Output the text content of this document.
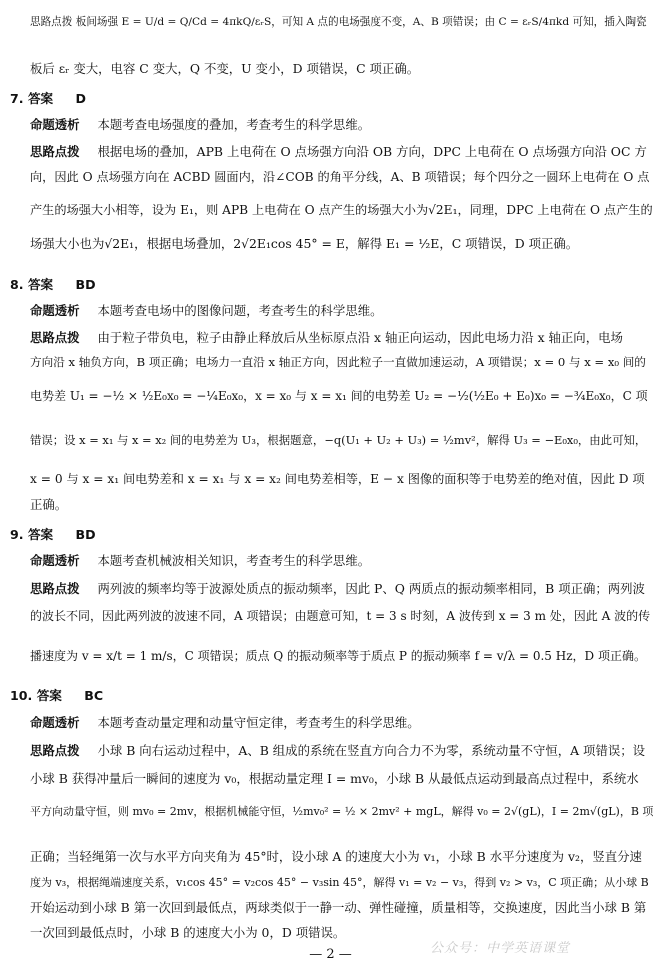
思路点拨 板间场强 E = U/d = Q/Cd = 4πkQ/εᵣS，可知 A 点的电场强度不变，A、B 项错误；由 C = εᵣS/4πkd 可知，插入陶瓷
板后 εᵣ 变大，电容 C 变大，Q 不变，U 变小，D 项错误，C 项正确。
7. 答案 D
命题透析 本题考查电场强度的叠加，考查考生的科学思维。
思路点拨 根据电场的叠加，APB 上电荷在 O 点场强方向沿 OB 方向，DPC 上电荷在 O 点场强方向沿 OC 方
向，因此 O 点场强方向在 ACBD 圆面内，沿∠COB 的角平分线，A、B 项错误；每个四分之一圆环上电荷在 O 点
产生的场强大小相等，设为 E₁，则 APB 上电荷在 O 点产生的场强大小为√2E₁，同理，DPC 上电荷在 O 点产生的
场强大小也为√2E₁，根据电场叠加，2√2E₁cos 45° = E，解得 E₁ = ½E，C 项错误，D 项正确。
8. 答案 BD
命题透析 本题考查电场中的图像问题，考查考生的科学思维。
思路点拨 由于粒子带负电，粒子由静止释放后从坐标原点沿 x 轴正向运动，因此电场力沿 x 轴正向，电场
方向沿 x 轴负方向，B 项正确；电场力一直沿 x 轴正方向，因此粒子一直做加速运动，A 项错误；x = 0 与 x = x₀ 间的
电势差 U₁ = −½ × ½E₀x₀ = −¼E₀x₀，x = x₀ 与 x = x₁ 间的电势差 U₂ = −½(½E₀ + E₀)x₀ = −¾E₀x₀，C 项
错误；设 x = x₁ 与 x = x₂ 间的电势差为 U₃，根据题意，−q(U₁ + U₂ + U₃) = ½mv²，解得 U₃ = −E₀x₀，由此可知，
x = 0 与 x = x₁ 间电势差和 x = x₁ 与 x = x₂ 间电势差相等，E − x 图像的面积等于电势差的绝对值，因此 D 项
正确。
9. 答案 BD
命题透析 本题考查机械波相关知识，考查考生的科学思维。
思路点拨 两列波的频率均等于波源处质点的振动频率，因此 P、Q 两质点的振动频率相同，B 项正确；两列波
的波长不同，因此两列波的波速不同，A 项错误；由题意可知，t = 3 s 时刻，A 波传到 x = 3 m 处，因此 A 波的传
播速度为 v = x/t = 1 m/s，C 项错误；质点 Q 的振动频率等于质点 P 的振动频率 f = v/λ = 0.5 Hz，D 项正确。
10. 答案 BC
命题透析 本题考查动量定理和动量守恒定律，考查考生的科学思维。
思路点拨 小球 B 向右运动过程中，A、B 组成的系统在竖直方向合力不为零，系统动量不守恒，A 项错误；设
小球 B 获得冲量后一瞬间的速度为 v₀，根据动量定理 I = mv₀，小球 B 从最低点运动到最高点过程中，系统水
平方向动量守恒，则 mv₀ = 2mv，根据机械能守恒，½mv₀² = ½ × 2mv² + mgL，解得 v₀ = 2√(gL)，I = 2m√(gL)，B 项
正确；当轻绳第一次与水平方向夹角为 45°时，设小球 A 的速度大小为 v₁，小球 B 水平分速度为 v₂，竖直分速
度为 v₃，根据绳端速度关系，v₁cos 45° = v₂cos 45° − v₃sin 45°，解得 v₁ = v₂ − v₃，得到 v₂ > v₃，C 项正确；从小球 B
开始运动到小球 B 第一次回到最低点，两球类似于一静一动、弹性碰撞，质量相等，交换速度，因此当小球 B 第
一次回到最低点时，小球 B 的速度大小为 0，D 项错误。
公众号：中学英语课堂
— 2 —
